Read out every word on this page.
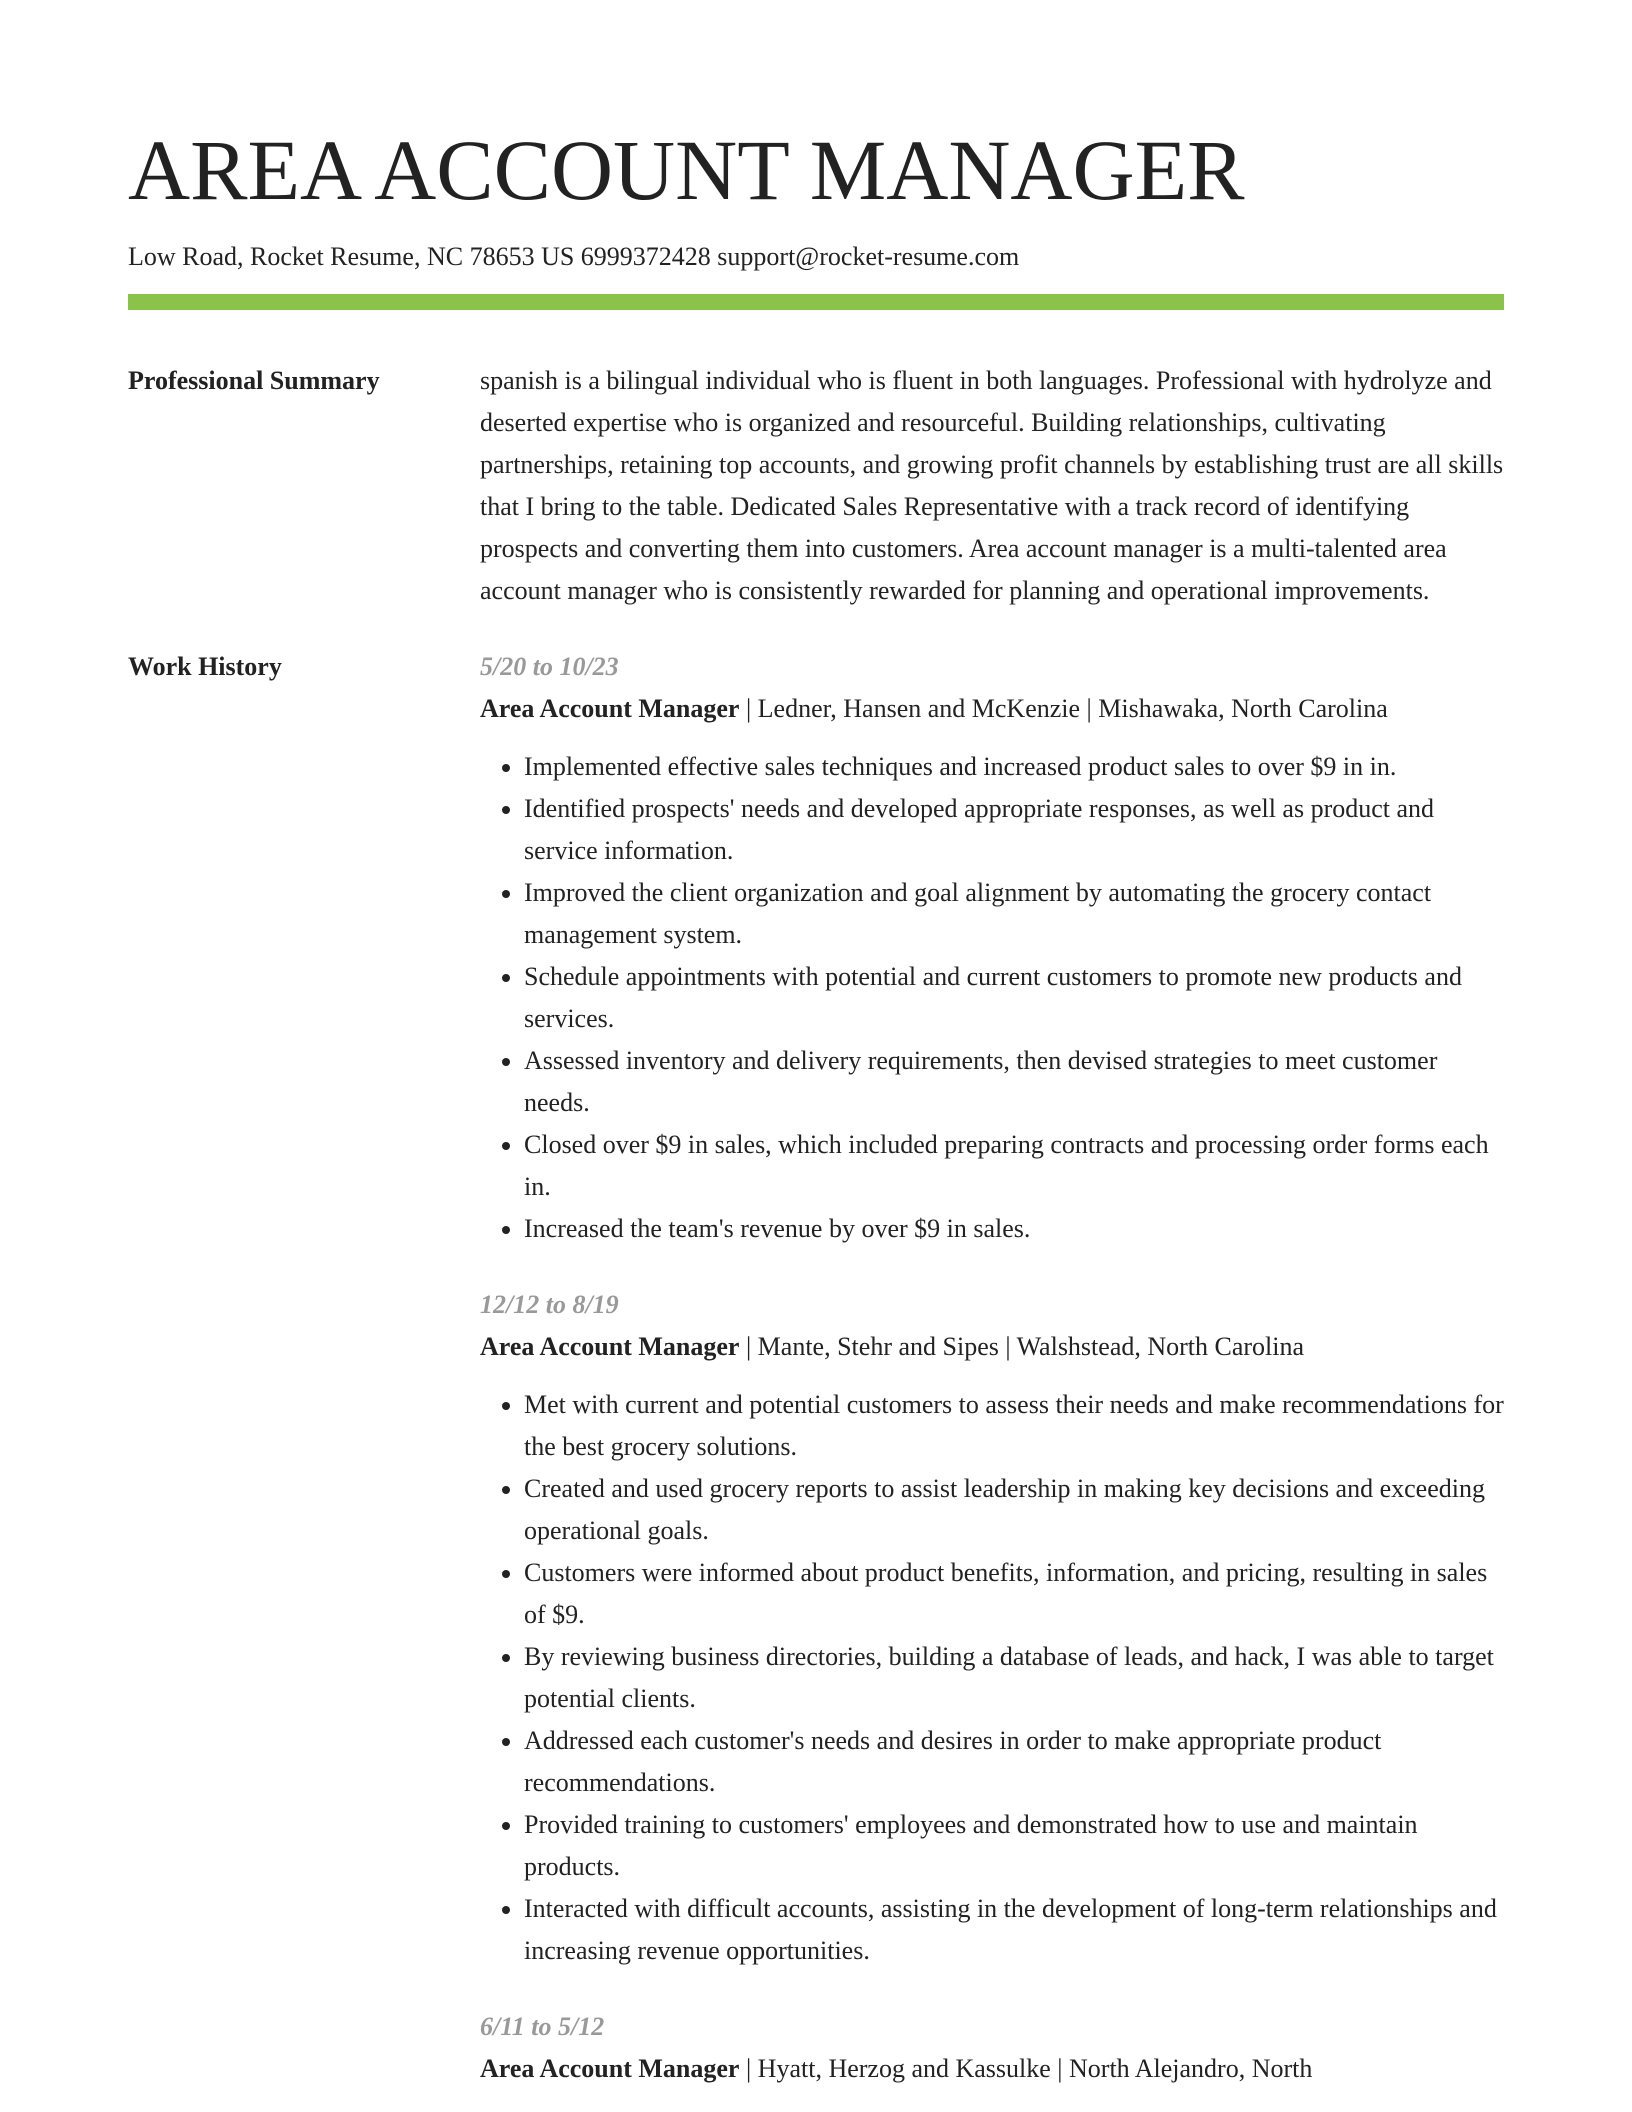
AREA ACCOUNT MANAGER
Low Road, Rocket Resume, NC 78653 US 6999372428 support@rocket-resume.com
Professional Summary	spanish is a bilingual individual who is fluent in both languages. Professional with hydrolyze and deserted expertise who is organized and resourceful. Building relationships, cultivating partnerships, retaining top accounts, and growing profit channels by establishing trust are all skills that I bring to the table. Dedicated Sales Representative with a track record of identifying prospects and converting them into customers. Area account manager is a multi-talented area account manager who is consistently rewarded for planning and operational improvements.

Work History	5/20 to 10/23
Area Account Manager | Ledner, Hansen and McKenzie | Mishawaka, North Carolina
• Implemented effective sales techniques and increased product sales to over $9 in in.
• Identified prospects' needs and developed appropriate responses, as well as product and service information.
• Improved the client organization and goal alignment by automating the grocery contact management system.
• Schedule appointments with potential and current customers to promote new products and services.
• Assessed inventory and delivery requirements, then devised strategies to meet customer needs.
• Closed over $9 in sales, which included preparing contracts and processing order forms each in.
• Increased the team's revenue by over $9 in sales.
12/12 to 8/19
Area Account Manager | Mante, Stehr and Sipes | Walshstead, North Carolina
• Met with current and potential customers to assess their needs and make recommendations for the best grocery solutions.
• Created and used grocery reports to assist leadership in making key decisions and exceeding operational goals.
• Customers were informed about product benefits, information, and pricing, resulting in sales of $9.
• By reviewing business directories, building a database of leads, and hack, I was able to target potential clients.
• Addressed each customer's needs and desires in order to make appropriate product recommendations.
• Provided training to customers' employees and demonstrated how to use and maintain products.
• Interacted with difficult accounts, assisting in the development of long-term relationships and increasing revenue opportunities.
6/11 to 5/12
Area Account Manager | Hyatt, Herzog and Kassulke | North Alejandro, North
